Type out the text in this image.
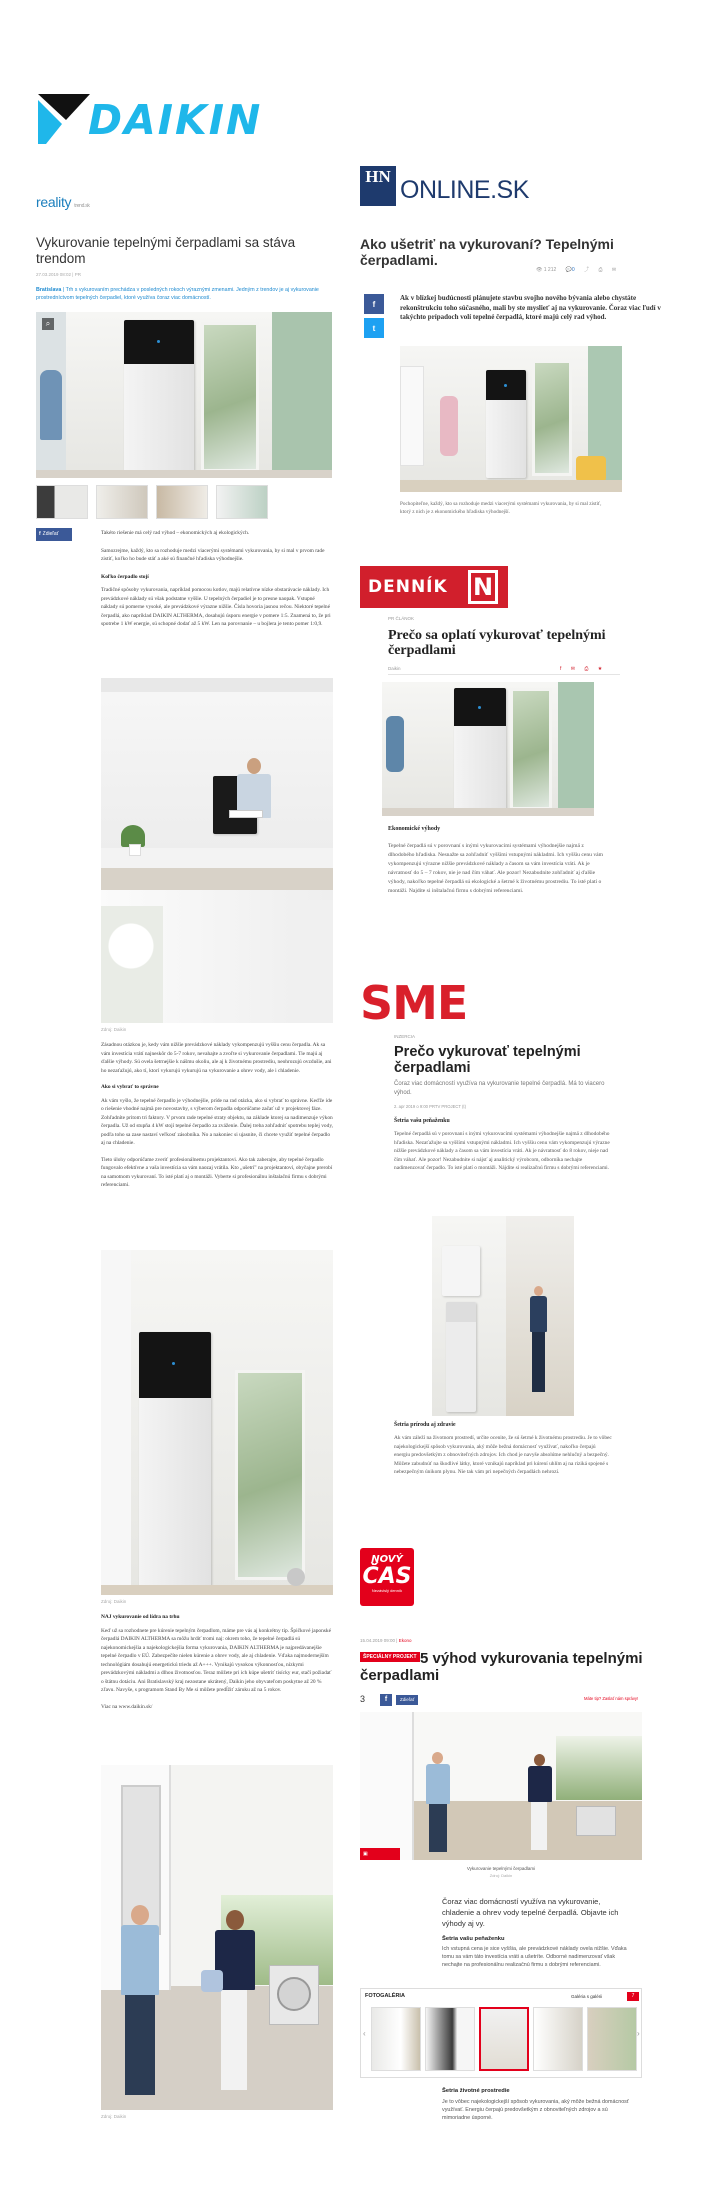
DAIKIN
reality trend.sk
Vykurovanie tepelnými čerpadlami sa stáva trendom
27.03.2019 08:02 | PR
Bratislava | Trh s vykurovaním prechádza v posledných rokoch výraznými zmenami. Jedným z trendov je aj vykurovanie prostredníctvom tepelných čerpadiel, ktoré využíva čoraz viac domácností.
⌕
f Zdieľať	Takéto riešenie má celý rad výhod – ekonomických aj ekologických.

Samozrejme, každý, kto sa rozhoduje medzi viacerými systémami vykurovania, by si mal v prvom rade zistiť, koľko ho bude stáť a aké sú finančné hľadiska výhodnejšie.

Koľko čerpadlo stojí

Tradičné spôsoby vykurovania, napríklad pomocou kotlov, majú relatívne nízke obstarávacie náklady. Ich prevádzkové náklady sú však podstatne vyššie. U tepelných čerpadiel je to presne naopak. Vstupné náklady sú pomerne vysoké, ale prevádzkové výrazne nižšie. Čísla hovoria jasnou rečou. Niektoré tepelné čerpadlá, ako napríklad DAIKIN ALTHERMA, dosahujú úsporu energie v pomere 1:5. Znamená to, že pri spotrebe 1 kW energie, sú schopné dodať až 5 kW. Len na porovnanie – u bojlera je tento pomer 1:0,9.

Zdroj: Daikin

Zásadnou otázkou je, kedy vám nižšie prevádzkové náklady vykompenzujú vyššiu cenu čerpadla. Ak sa vám investícia vrátí najneskôr do 5-7 rokov, nevahajte a zvoľte si vykurovanie čerpadlami. Tie majú aj ďalšie výhody. Sú ovela šetrnejšie k nášmu okoliu, ale aj k životnému prostrediu, neohrozujú ovzdušie, ani ho nezaťažujú, ako tí, ktorí vykurujú vykurujú na vykurovanie a ohrev vody, ale i chladenie.

Ako si vybrať to správne

Ak vám vyšlo, že tepelné čerpadlo je výhodnejšie, príde na rad otázka, ako si vybrať to správne. Keďže ide o riešenie vhodné najmä pre novostavby, s výberom čerpadla odporúčame začať už v projektovej fáze. Zohľadníte pritom tri faktory. V prvom rade tepelné straty objektu, na základe ktorej sa nadimenzuje výkon čerpadla. Už od stupňa 4 kW stojí tepelné čerpadlo za zváženie. Ďalej treba zohľadniť spotrebu teplej vody, podľa toho sa zase nastaví veľkosť zásobníka. No a nakoniec si ujasnite, či chcete využiť tepelné čerpadlo aj na chladenie.

Tieto úlohy odporúčame zveriť profesionálnemu projektantovi. Ako tak zaberajte, aby tepelné čerpadlo fungovalo efektívne a vaša investícia sa vám naozaj vrátila. Kto „ušetrí" na projektantovi, obyčajne prerobí na samotnom vykurovaní. To isté platí aj o montáži. Vyberte si profesionálnu inštalačnú firmu s dobrými referenciami.

Zdroj: Daikin

NAJ vykurovanie od lídra na trhu

Keď už sa rozhodnete pre kúrenie tepelným čerpadlom, máme pre vás aj konkrétny tip. Špičkové japonské čerpadlá DAIKIN ALTHERMA sa môžu hrdiť tromi naj: okrem toho, že tepelné čerpadlá sú najekonomickejšia a najekologickejšia forma vykurovania, DAIKIN ALTHERMA je najpredávanejšie tepelné čerpadlo v EÚ. Zabezpečíte nielen kúrenie a ohrev vody, ale aj chladenie. Vďaka najmodernejším technológiám dosahujú energetickú triedu až A+++. Vynikajú vysokou výkonnosťou, nízkymi prevádzkovými nákladmi a dlhou životnosťou. Teraz môžete pri ich kúpe ušetriť tisícky eur, stačí požiadať o štátnu dotáciu. Ani Bratislavský kraj nezostane ukrátený, Daikin jeho obyvateľom poskytne až 20 % zľavu. Navyše, s programom Stand By Me si môžete predĺžiť záruku až na 5 rokov.

Viac na www.daikin.sk/

Zdroj: Daikin
HN ONLINE.SK
Ako ušetriť na vykurovaní? Tepelnými čerpadlami.
👁 1 212 💬0 ⤴ ⎙ ✉
f
t
Ak v blízkej budúcnosti plánujete stavbu svojho nového bývania alebo chystáte rekonštrukciu toho súčasného, mali by ste myslieť aj na vykurovanie. Čoraz viac ľudí v takýchto prípadoch volí tepelné čerpadlá, ktoré majú celý rad výhod.
Pochopiteľne, každý, kto sa rozhoduje medzi viacerými systémami vykurovania, by si mal zistiť, ktorý z nich je z ekonomického hľadiska výhodnejší.
DENNÍK N
PR ČLÁNOK
Prečo sa oplatí vykurovať tepelnými čerpadlami
Daikin	f ✉ ⎙ ★
Ekonomické výhody
Tepelné čerpadlá sú v porovnaní s inými vykurovacími systémami výhodnejšie najmä z dlhodobého hľadiska. Nesnažte sa zohľadniť vyššími vstupnými nákladmi. Ich vyššiu cenu vám vykompenzujú výrazne nižšie prevádzkové náklady a časom sa vám investícia vráti. Ak je návratnosť do 5 – 7 rokov, nie je nad čím váhať. Ale pozor! Nezabudnite zohľadniť aj ďalšie výhody, nakoľko tepelné čerpadlá sú ekologické a šetrné k životnému prostrediu. To isté platí o montáži. Najdite si inštalačnú firmu s dobrými referenciami.
SME
INZERCIA
Prečo vykurovať tepelnými čerpadlami
Čoraz viac domácností využíva na vykurovanie tepelné čerpadlá. Má to viacero výhod.
2. apr 2019 o 9:00 PRTV PROJECT (t)
Šetria vašu peňaženku
Tepelné čerpadlá sú v porovnaní s inými vykurovacími systémami výhodnejšie najmä z dlhodobého hľadiska. Nezaťažujte sa vyššími vstupnými nákladmi. Ich vyššiu cenu vám vykompenzujú výrazne nižšie prevádzkové náklady a časom sa vám investícia vráti. Ak je návratnosť do 8 rokov, nieje nad čím váhať. Ale pozor! Nezabudnite si nájsť aj analitický výrobcom, odborníka nechajte nadimenzovať čerpadlo. To isté platí o montáži. Nájdite si realizačnú firmu s dobrými referenciami.
Šetria prírodu aj zdravie
Ak vám záleží na životnom prostredí, určite ocenite, že sú šetrné k životnému prostrediu. Je to vôbec najekologickejší spôsob vykurovania, aký môže bežná domácnosť využívať, nakoľko čerpajú energiu predovšetkým z obnoviteľných zdrojov. Ich chod je navyše absolútne nehlučný a bezpečný. Môžete zabudnúť na škodlivé látky, ktoré vznikajú napríklad pri kúrení uhlím aj na riziká spojené s nebezpečným únikom plynu. Nie tak vám pri nepečných čerpadlách nehrozí.
NOVÝ
ČAS
Nezávislý denník
15.04.2019 09:00 | Ekono
ŠPECIÁLNY PROJEKT 5 výhod vykurovania tepelnými čerpadlami
3	f	Zdieľať	Máte tip? Zaslať nám správy!
▣
Vykurovanie tepelnými čerpadlami
Zdroj: Daikin
Čoraz viac domácností využíva na vykurovanie, chladenie a ohrev vody tepelné čerpadlá. Objavte ich výhody aj vy.
Šetria vašu peňaženku
Ich vstupná cena je sice vyššia, ale prevádzkové náklady ovela nižšie. Vďaka tomu sa vám táto investícia vráti a ušetríte. Odborné nadimenzovať však nechajte na profesionálnu realizačnú firmu s dobrými referenciami.
FOTOGALÉRIA	Galéria s galérii	7
‹	›
Šetria životné prostredie
Je to vôbec najekologickejší spôsob vykurovania, aký môže bežná domácnosť využívať. Energiu čerpajú predovšetkým z obnoviteľných zdrojov a sú mimoriadne úsporné.
